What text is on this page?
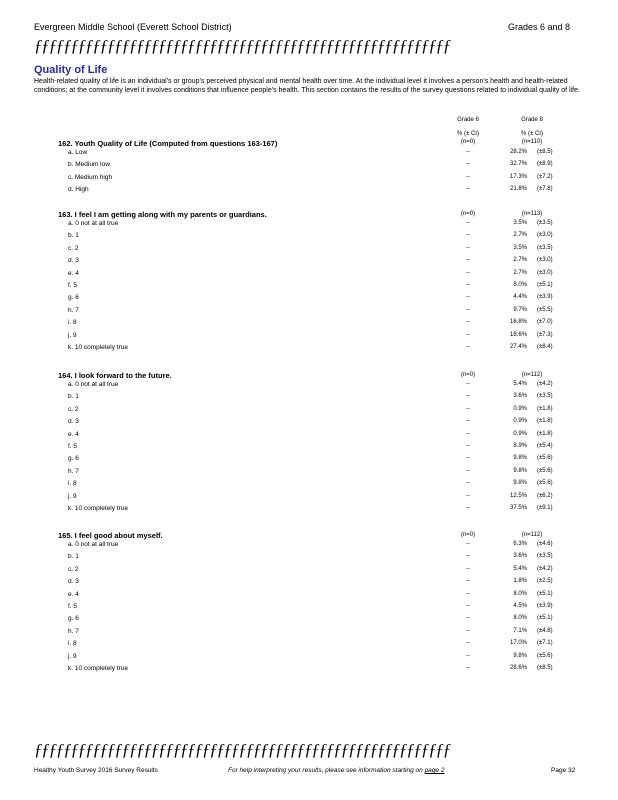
Evergreen Middle School (Everett School District)	Grades 6 and 8
ƒƒƒƒƒƒƒƒƒƒƒƒƒƒƒƒƒƒƒƒƒƒƒƒƒƒƒƒƒƒƒƒƒƒƒƒƒƒƒƒƒƒƒƒƒƒƒƒƒƒƒƒƒƒƒƒƒ
Quality of Life
Health-related quality of life is an individual's or group's perceived physical and mental health over time. At the individual level it involves a person's health and health-related conditions; at the community level it involves conditions that influence people's health. This section contains the results of the survey questions related to individual quality of life.
Grade 6	Grade 8
% (± CI)	% (± CI)
(n=0)	(n=110)
162. Youth Quality of Life (Computed from questions 163-167)
a. Low	--	28.2% (±8.5)
b. Medium low	--	32.7% (±8.9)
c. Medium high	--	17.3% (±7.2)
d. High	--	21.8% (±7.8)
163. I feel I am getting along with my parents or guardians.	(n=0)	(n=113)
a. 0 not at all true	--	3.5% (±3.5)
b. 1	--	2.7% (±3.0)
c. 2	--	3.5% (±3.5)
d. 3	--	2.7% (±3.0)
e. 4	--	2.7% (±3.0)
f. 5	--	8.0% (±5.1)
g. 6	--	4.4% (±3.9)
h. 7	--	9.7% (±5.5)
i. 8	--	16.8% (±7.0)
j. 9	--	18.6% (±7.3)
k. 10 completely true	--	27.4% (±8.4)
164. I look forward to the future.	(n=0)	(n=112)
a. 0 not at all true	--	5.4% (±4.2)
b. 1	--	3.6% (±3.5)
c. 2	--	0.9% (±1.8)
d. 3	--	0.9% (±1.8)
e. 4	--	0.9% (±1.8)
f. 5	--	8.9% (±5.4)
g. 6	--	9.8% (±5.6)
h. 7	--	9.8% (±5.6)
i. 8	--	9.8% (±5.6)
j. 9	--	12.5% (±6.2)
k. 10 completely true	--	37.5% (±9.1)
165. I feel good about myself.	(n=0)	(n=112)
a. 0 not at all true	--	6.3% (±4.6)
b. 1	--	3.6% (±3.5)
c. 2	--	5.4% (±4.2)
d. 3	--	1.8% (±2.5)
e. 4	--	8.0% (±5.1)
f. 5	--	4.5% (±3.9)
g. 6	--	8.0% (±5.1)
h. 7	--	7.1% (±4.8)
i. 8	--	17.0% (±7.1)
j. 9	--	9.8% (±5.6)
k. 10 completely true	--	28.6% (±8.5)
ƒƒƒƒƒƒƒƒƒƒƒƒƒƒƒƒƒƒƒƒƒƒƒƒƒƒƒƒƒƒƒƒƒƒƒƒƒƒƒƒƒƒƒƒƒƒƒƒƒƒƒƒƒƒƒƒƒ
Healthy Youth Survey 2016 Survey Results	For help interpreting your results, please see information starting on page 2	Page 32
